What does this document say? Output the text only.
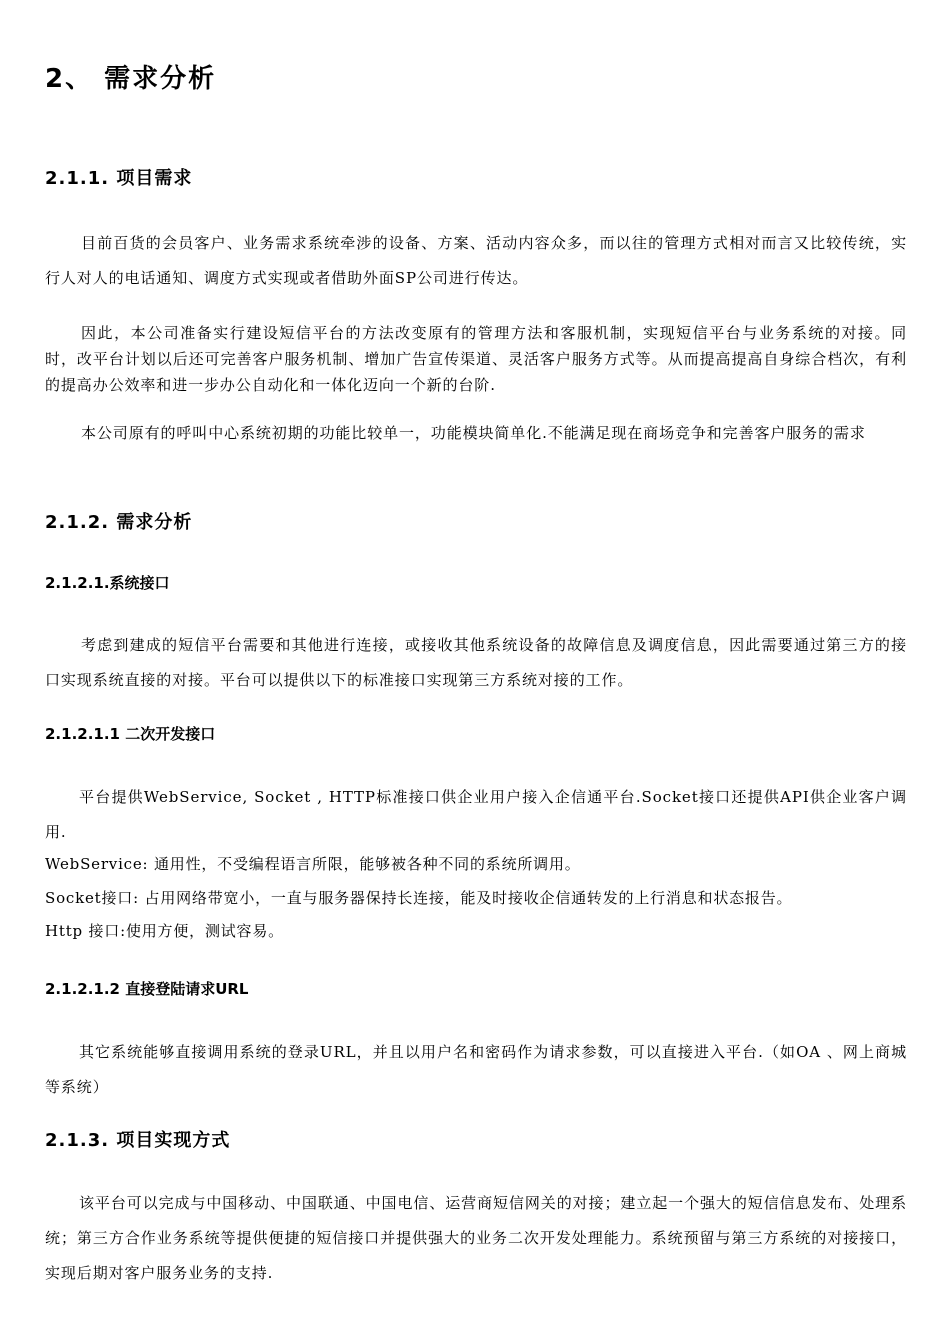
2、 需求分析
2.1.1. 项目需求

目前百货的会员客户、业务需求系统牵涉的设备、方案、活动内容众多，而以往的管理方式相对而言又比较传统，实行人对人的电话通知、调度方式实现或者借助外面SP公司进行传达。

因此，本公司准备实行建设短信平台的方法改变原有的管理方法和客服机制，实现短信平台与业务系统的对接。同时，改平台计划以后还可完善客户服务机制、增加广告宣传渠道、灵活客户服务方式等。从而提高提高自身综合档次，有利的提高办公效率和进一步办公自动化和一体化迈向一个新的台阶.

本公司原有的呼叫中心系统初期的功能比较单一，功能模块简单化.不能满足现在商场竞争和完善客户服务的需求

2.1.2. 需求分析
2.1.2.1.系统接口

考虑到建成的短信平台需要和其他进行连接，或接收其他系统设备的故障信息及调度信息，因此需要通过第三方的接口实现系统直接的对接。平台可以提供以下的标准接口实现第三方系统对接的工作。

2.1.2.1.1 二次开发接口

平台提供WebService, Socket , HTTP标准接口供企业用户接入企信通平台.Socket接口还提供API供企业客户调用.

WebService: 通用性，不受编程语言所限，能够被各种不同的系统所调用。

Socket接口: 占用网络带宽小，一直与服务器保持长连接，能及时接收企信通转发的上行消息和状态报告。

Http 接口:使用方便，测试容易。

2.1.2.1.2 直接登陆请求URL

其它系统能够直接调用系统的登录URL，并且以用户名和密码作为请求参数，可以直接进入平台.（如OA 、网上商城等系统）

2.1.3. 项目实现方式

该平台可以完成与中国移动、中国联通、中国电信、运营商短信网关的对接；建立起一个强大的短信信息发布、处理系统；第三方合作业务系统等提供便捷的短信接口并提供强大的业务二次开发处理能力。系统预留与第三方系统的对接接口，实现后期对客户服务业务的支持.
